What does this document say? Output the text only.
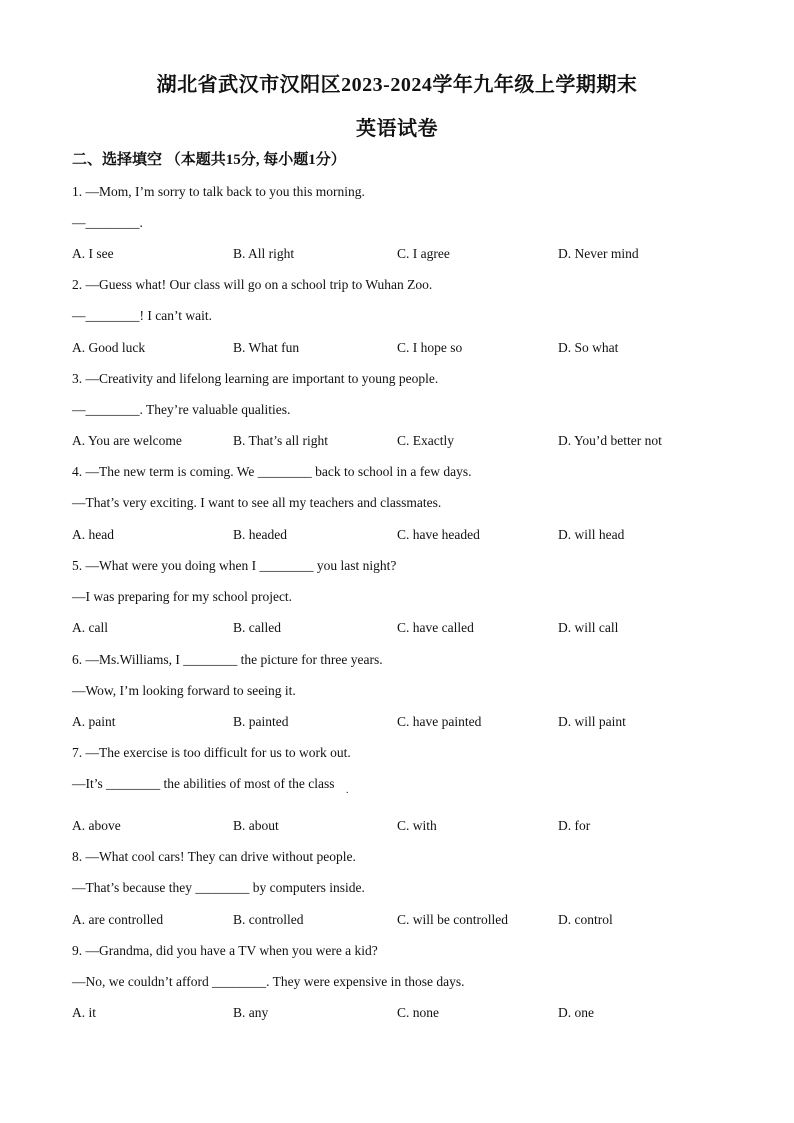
湖北省武汉市汉阳区2023-2024学年九年级上学期期末
英语试卷
二、选择填空 （本题共15分, 每小题1分）
1. —Mom, I’m sorry to talk back to you this morning.
—________.
A. I see	B. All right	C. I agree	D. Never mind
2. —Guess what! Our class will go on a school trip to Wuhan Zoo.
—________! I can’t wait.
A. Good luck	B. What fun	C. I hope so	D. So what
3. —Creativity and lifelong learning are important to young people.
—________. They’re valuable qualities.
A. You are welcome	B. That’s all right	C. Exactly	D. You’d better not
4. —The new term is coming. We ________ back to school in a few days.
—That’s very exciting. I want to see all my teachers and classmates.
A. head	B. headed	C. have headed	D. will head
5. —What were you doing when I ________ you last night?
—I was preparing for my school project.
A. call	B. called	C. have called	D. will call
6. —Ms.Williams, I ________ the picture for three years.
—Wow, I’m looking forward to seeing it.
A. paint	B. painted	C. have painted	D. will paint
7. —The exercise is too difficult for us to work out.
—It’s ________ the abilities of most of the class
A. above	B. about	C. with	D. for
.
8. —What cool cars! They can drive without people.
—That’s because they ________ by computers inside.
A. are controlled	B. controlled	C. will be controlled	D. control
9. —Grandma, did you have a TV when you were a kid?
—No, we couldn’t afford ________. They were expensive in those days.
A. it	B. any	C. none	D. one
